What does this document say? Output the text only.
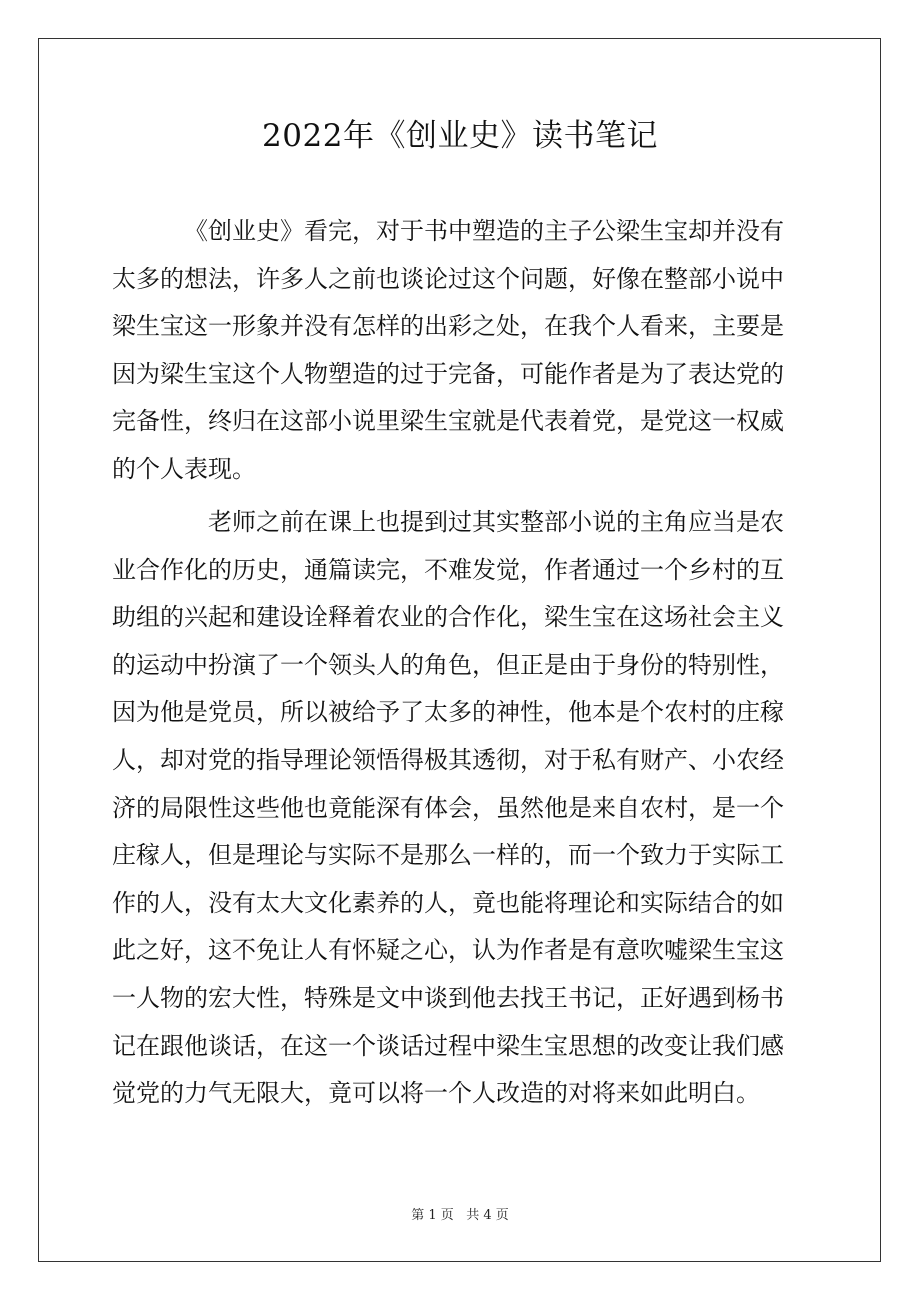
2022年《创业史》读书笔记
《创业史》看完，对于书中塑造的主子公梁生宝却并没有
太多的想法，许多人之前也谈论过这个问题，好像在整部小说中
梁生宝这一形象并没有怎样的出彩之处，在我个人看来，主要是
因为梁生宝这个人物塑造的过于完备，可能作者是为了表达党的
完备性，终归在这部小说里梁生宝就是代表着党，是党这一权威
的个人表现。
老师之前在课上也提到过其实整部小说的主角应当是农
业合作化的历史，通篇读完，不难发觉，作者通过一个乡村的互
助组的兴起和建设诠释着农业的合作化，梁生宝在这场社会主义
的运动中扮演了一个领头人的角色，但正是由于身份的特别性，
因为他是党员，所以被给予了太多的神性，他本是个农村的庄稼
人，却对党的指导理论领悟得极其透彻，对于私有财产、小农经
济的局限性这些他也竟能深有体会，虽然他是来自农村，是一个
庄稼人，但是理论与实际不是那么一样的，而一个致力于实际工
作的人，没有太大文化素养的人，竟也能将理论和实际结合的如
此之好，这不免让人有怀疑之心，认为作者是有意吹嘘梁生宝这
一人物的宏大性，特殊是文中谈到他去找王书记，正好遇到杨书
记在跟他谈话，在这一个谈话过程中梁生宝思想的改变让我们感
觉党的力气无限大，竟可以将一个人改造的对将来如此明白。
第 1 页   共 4 页
